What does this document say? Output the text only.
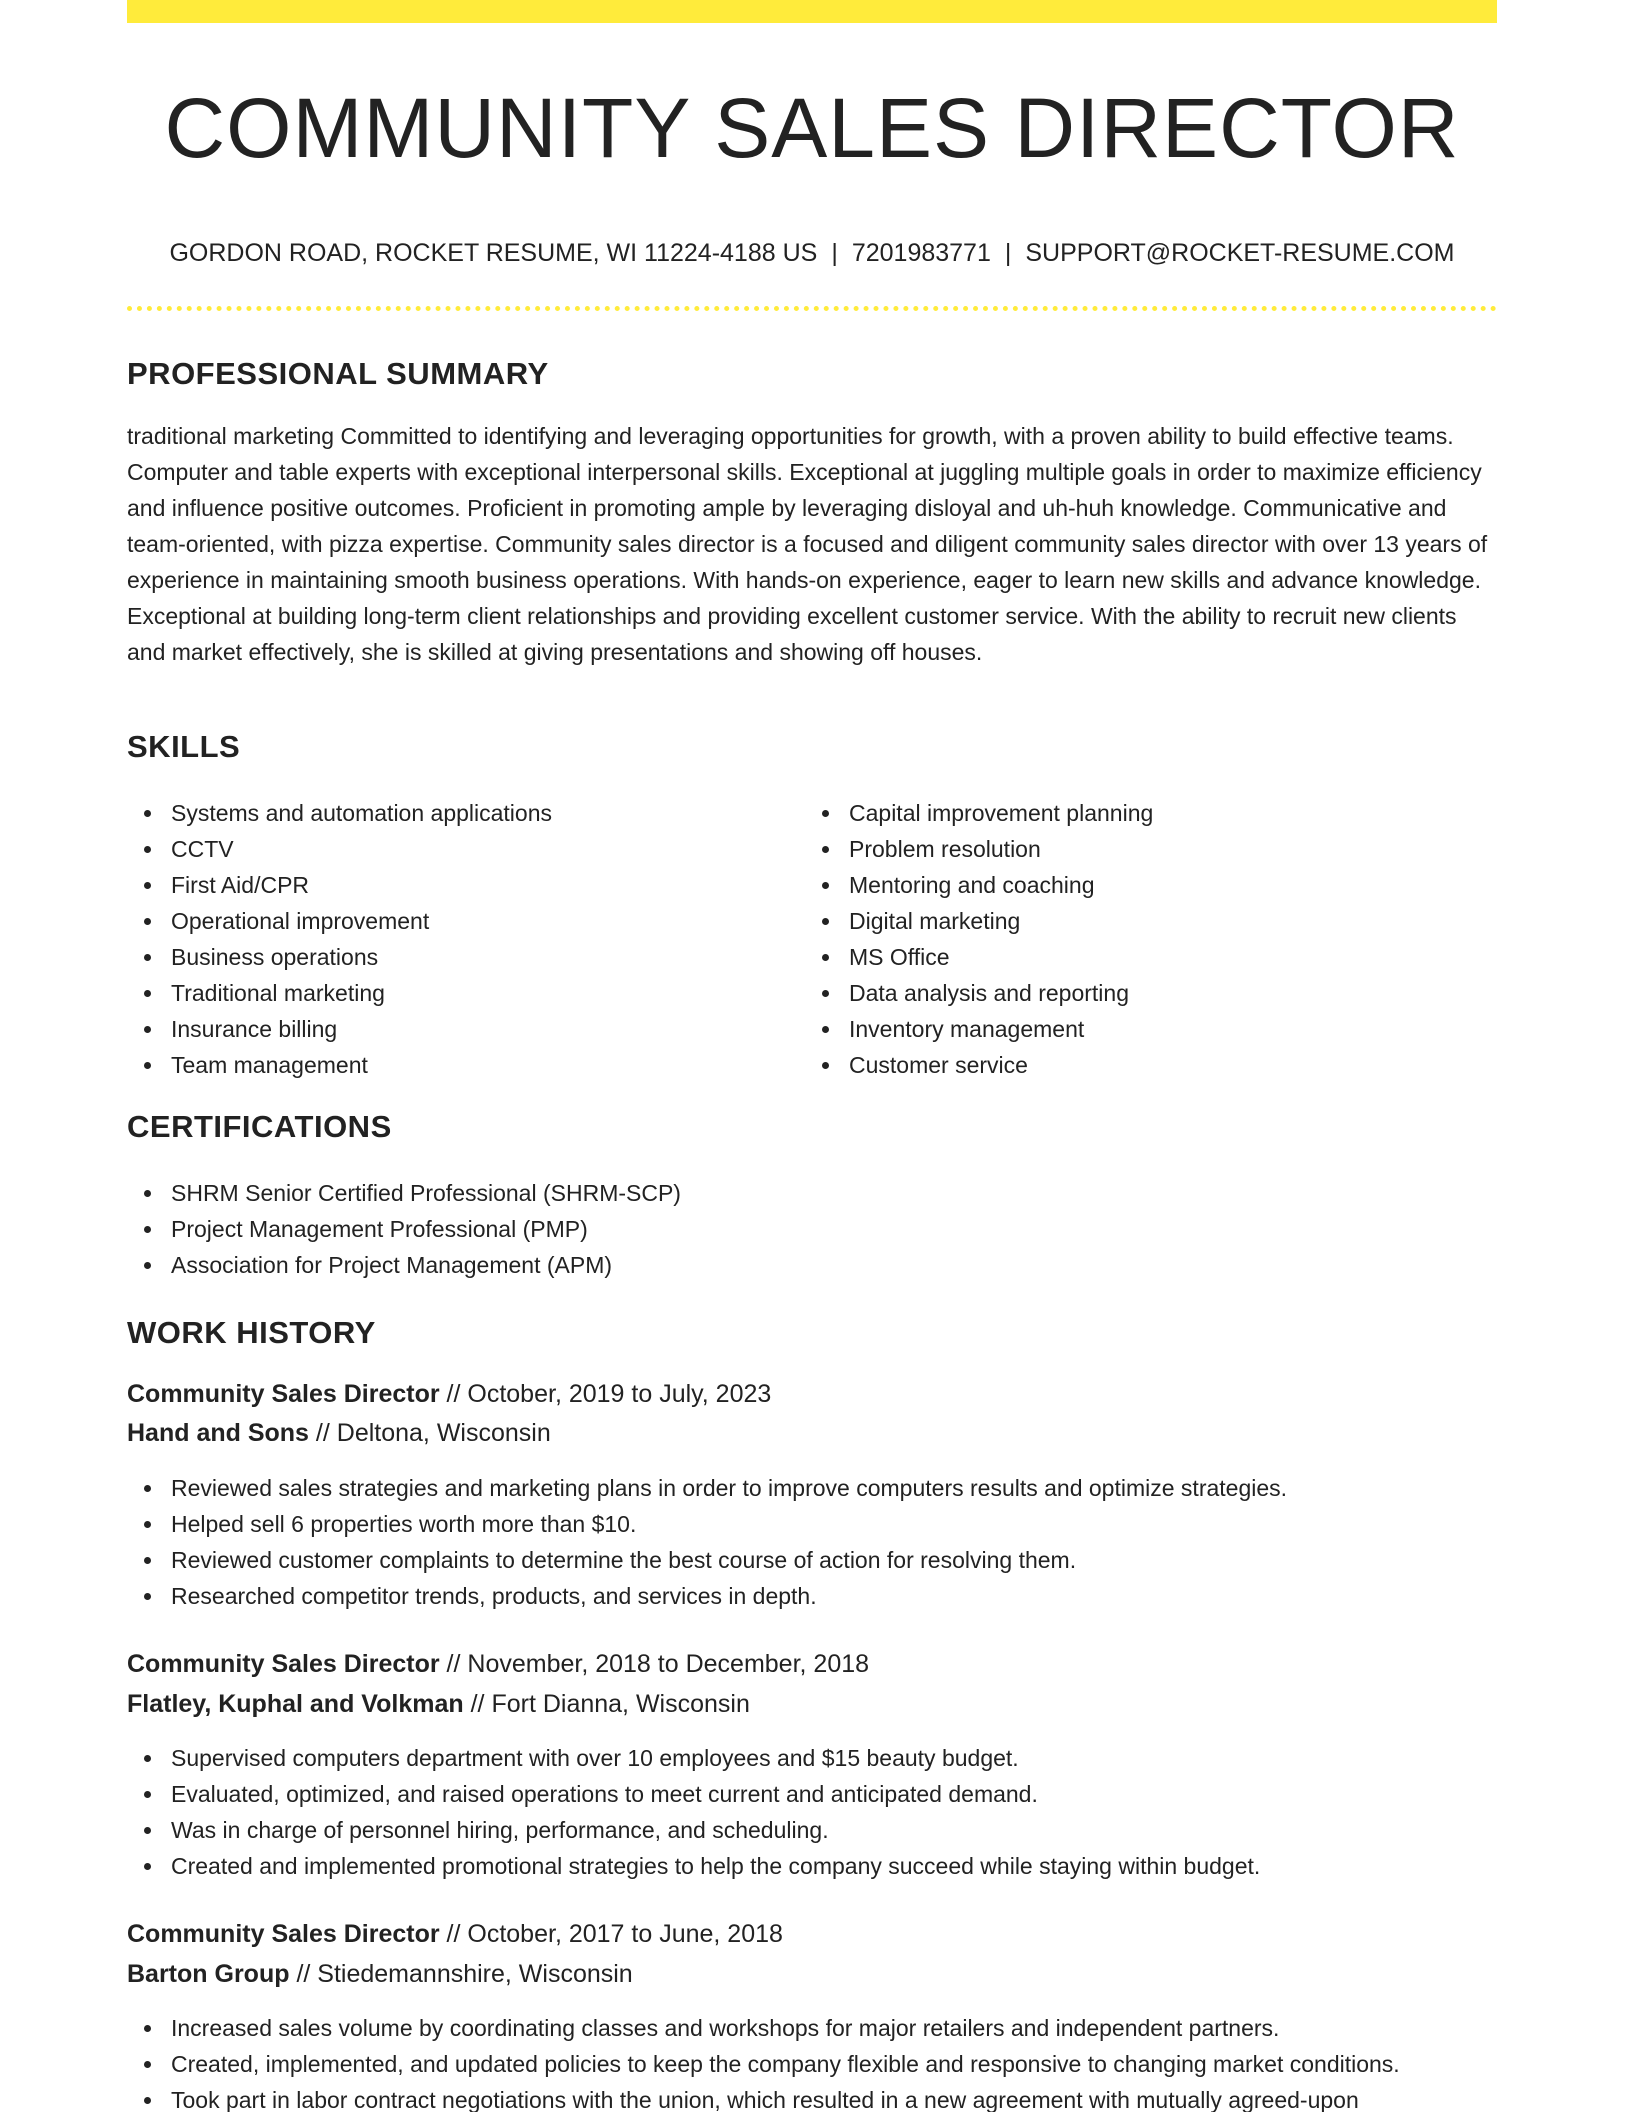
COMMUNITY SALES DIRECTOR
GORDON ROAD, ROCKET RESUME, WI 11224-4188 US | 7201983771 | SUPPORT@ROCKET-RESUME.COM
PROFESSIONAL SUMMARY

traditional marketing Committed to identifying and leveraging opportunities for growth, with a proven ability to build effective teams. Computer and table experts with exceptional interpersonal skills. Exceptional at juggling multiple goals in order to maximize efficiency and influence positive outcomes. Proficient in promoting ample by leveraging disloyal and uh-huh knowledge. Communicative and team-oriented, with pizza expertise. Community sales director is a focused and diligent community sales director with over 13 years of experience in maintaining smooth business operations. With hands-on experience, eager to learn new skills and advance knowledge. Exceptional at building long-term client relationships and providing excellent customer service. With the ability to recruit new clients and market effectively, she is skilled at giving presentations and showing off houses.

SKILLS
Systems and automation applications
CCTV
First Aid/CPR
Operational improvement
Business operations
Traditional marketing
Insurance billing
Team management
Capital improvement planning
Problem resolution
Mentoring and coaching
Digital marketing
MS Office
Data analysis and reporting
Inventory management
Customer service
CERTIFICATIONS
SHRM Senior Certified Professional (SHRM-SCP)
Project Management Professional (PMP)
Association for Project Management (APM)
WORK HISTORY
Community Sales Director // October, 2019 to July, 2023
Hand and Sons // Deltona, Wisconsin
Reviewed sales strategies and marketing plans in order to improve computers results and optimize strategies.
Helped sell 6 properties worth more than $10.
Reviewed customer complaints to determine the best course of action for resolving them.
Researched competitor trends, products, and services in depth.
Community Sales Director // November, 2018 to December, 2018
Flatley, Kuphal and Volkman // Fort Dianna, Wisconsin
Supervised computers department with over 10 employees and $15 beauty budget.
Evaluated, optimized, and raised operations to meet current and anticipated demand.
Was in charge of personnel hiring, performance, and scheduling.
Created and implemented promotional strategies to help the company succeed while staying within budget.
Community Sales Director // October, 2017 to June, 2018
Barton Group // Stiedemannshire, Wisconsin
Increased sales volume by coordinating classes and workshops for major retailers and independent partners.
Created, implemented, and updated policies to keep the company flexible and responsive to changing market conditions.
Took part in labor contract negotiations with the union, which resulted in a new agreement with mutually agreed-upon
